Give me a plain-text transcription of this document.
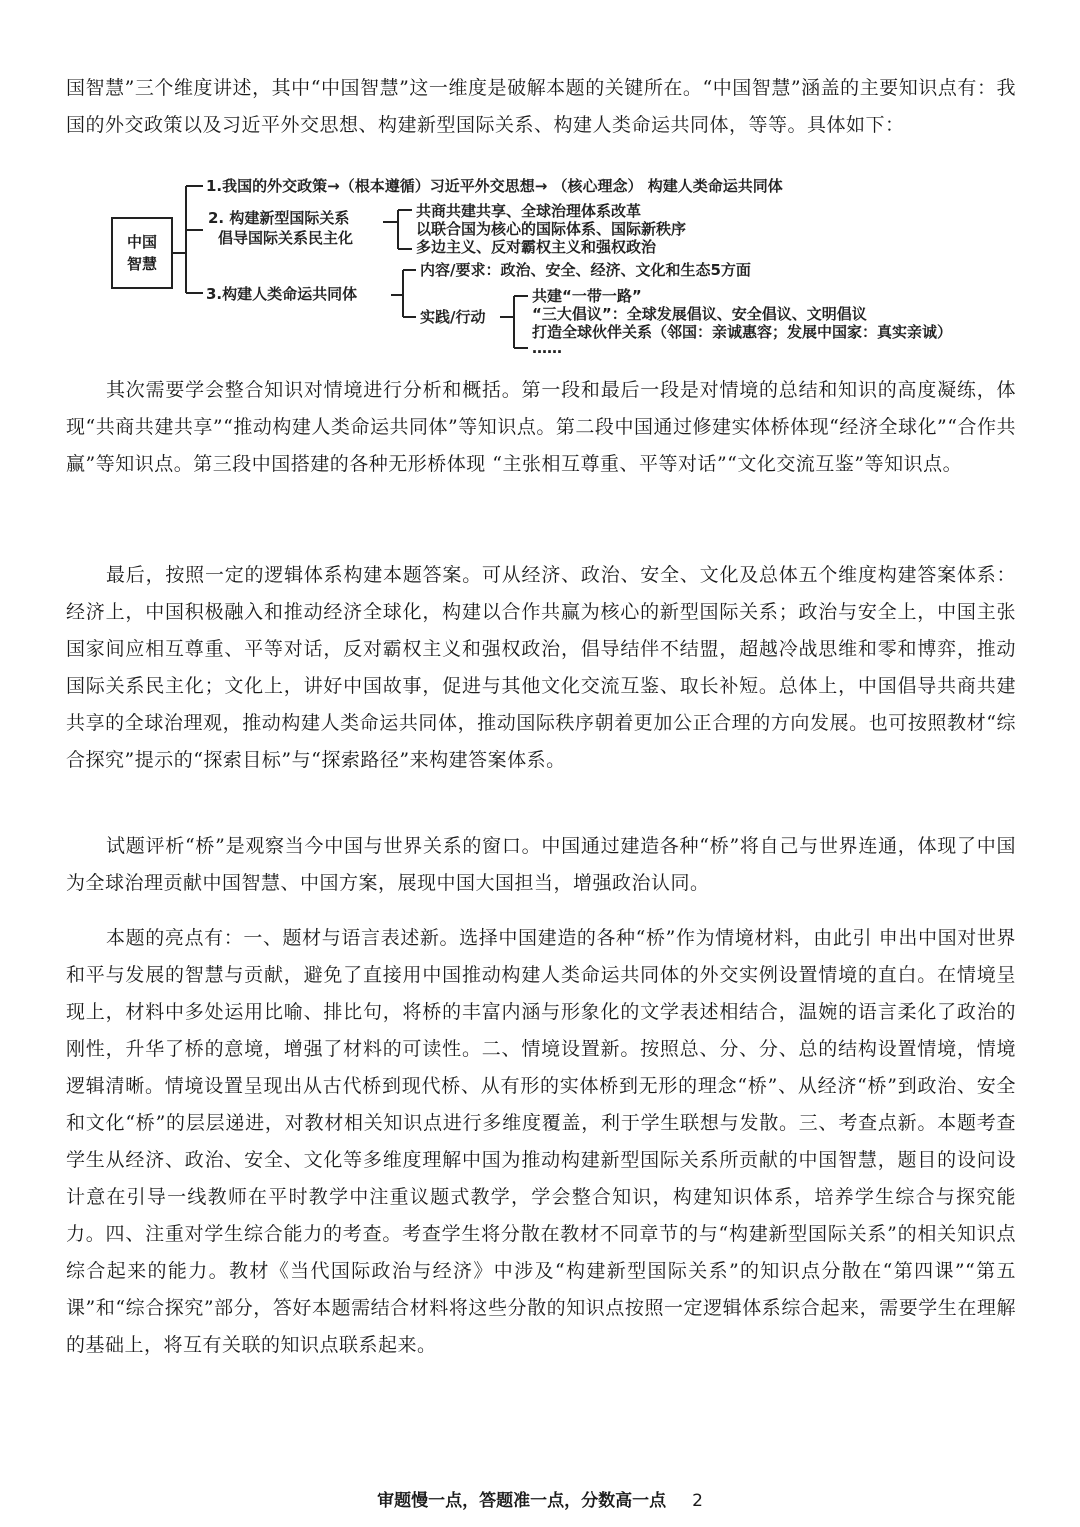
国智慧”三个维度讲述，其中“中国智慧”这一维度是破解本题的关键所在。“中国智慧”涵盖的主要知识点有：我国的外交政策以及习近平外交思想、构建新型国际关系、构建人类命运共同体，等等。具体如下：

中国
智慧
1.我国的外交政策→（根本遵循）习近平外交思想→ （核心理念） 构建人类命运共同体
2. 构建新型国际关系
倡导国际关系民主化
共商共建共享、全球治理体系改革
以联合国为核心的国际体系、国际新秩序
多边主义、反对霸权主义和强权政治
3.构建人类命运共同体
内容/要求：政治、安全、经济、文化和生态5方面
实践/行动
共建“一带一路”
“三大倡议”：全球发展倡议、安全倡议、文明倡议
打造全球伙伴关系（邻国：亲诚惠容；发展中国家：真实亲诚）
……

其次需要学会整合知识对情境进行分析和概括。第一段和最后一段是对情境的总结和知识的高度凝练，体现“共商共建共享”“推动构建人类命运共同体”等知识点。第二段中国通过修建实体桥体现“经济全球化”“合作共赢”等知识点。第三段中国搭建的各种无形桥体现 “主张相互尊重、平等对话”“文化交流互鉴”等知识点。

最后，按照一定的逻辑体系构建本题答案。可从经济、政治、安全、文化及总体五个维度构建答案体系：经济上，中国积极融入和推动经济全球化，构建以合作共赢为核心的新型国际关系；政治与安全上，中国主张国家间应相互尊重、平等对话，反对霸权主义和强权政治，倡导结伴不结盟，超越冷战思维和零和博弈，推动国际关系民主化；文化上，讲好中国故事，促进与其他文化交流互鉴、取长补短。总体上，中国倡导共商共建共享的全球治理观，推动构建人类命运共同体，推动国际秩序朝着更加公正合理的方向发展。也可按照教材“综合探究”提示的“探索目标”与“探索路径”来构建答案体系。

试题评析“桥”是观察当今中国与世界关系的窗口。中国通过建造各种“桥”将自己与世界连通，体现了中国为全球治理贡献中国智慧、中国方案，展现中国大国担当，增强政治认同。

本题的亮点有：一、题材与语言表述新。选择中国建造的各种“桥”作为情境材料，由此引 申出中国对世界和平与发展的智慧与贡献，避免了直接用中国推动构建人类命运共同体的外交实例设置情境的直白。在情境呈现上，材料中多处运用比喻、排比句，将桥的丰富内涵与形象化的文学表述相结合，温婉的语言柔化了政治的刚性，升华了桥的意境，增强了材料的可读性。二、情境设置新。按照总、分、分、总的结构设置情境，情境逻辑清晰。情境设置呈现出从古代桥到现代桥、从有形的实体桥到无形的理念“桥”、从经济“桥”到政治、安全和文化“桥”的层层递进，对教材相关知识点进行多维度覆盖，利于学生联想与发散。三、考查点新。本题考查学生从经济、政治、安全、文化等多维度理解中国为推动构建新型国际关系所贡献的中国智慧，题目的设问设计意在引导一线教师在平时教学中注重议题式教学，学会整合知识，构建知识体系，培养学生综合与探究能力。四、注重对学生综合能力的考查。考查学生将分散在教材不同章节的与“构建新型国际关系”的相关知识点综合起来的能力。教材《当代国际政治与经济》中涉及“构建新型国际关系”的知识点分散在“第四课”“第五课”和“综合探究”部分，答好本题需结合材料将这些分散的知识点按照一定逻辑体系综合起来，需要学生在理解的基础上，将互有关联的知识点联系起来。

审题慢一点，答题准一点，分数高一点 2
